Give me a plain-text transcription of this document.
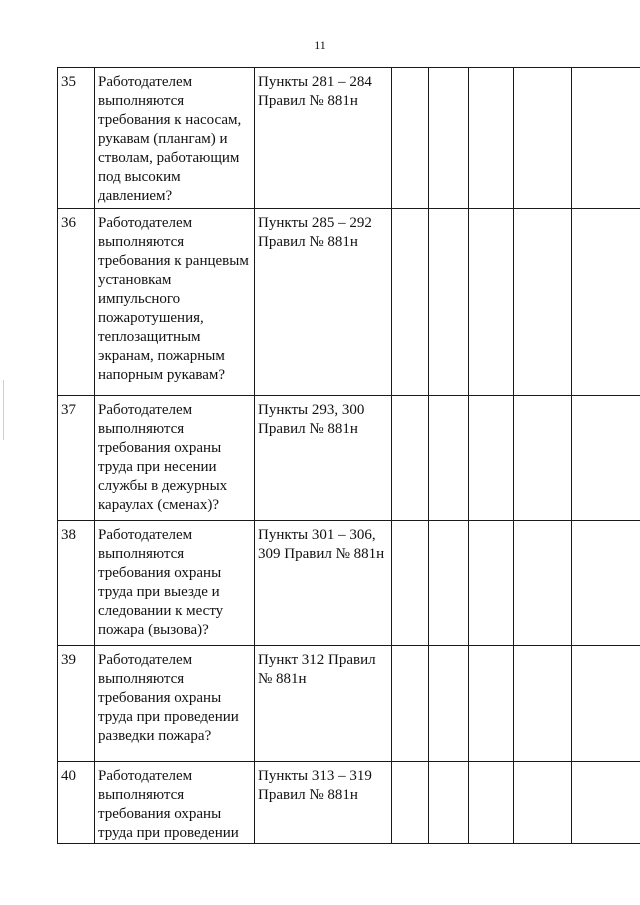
11
35	Работодателем выполняются требования к насосам, рукавам (плангам) и стволам, работающим под высоким давлением?	Пункты 281 – 284 Правил № 881н					
36	Работодателем выполняются требования к ранцевым установкам импульсного пожаротушения, теплозащитным экранам, пожарным напорным рукавам?	Пункты 285 – 292 Правил № 881н					
37	Работодателем выполняются требования охраны труда при несении службы в дежурных караулах (сменах)?	Пункты 293, 300 Правил № 881н					
38	Работодателем выполняются требования охраны труда при выезде и следовании к месту пожара (вызова)?	Пункты 301 – 306, 309 Правил № 881н					
39	Работодателем выполняются требования охраны труда при проведении разведки пожара?	Пункт 312 Правил № 881н					
40	Работодателем выполняются требования охраны труда при проведении	Пункты 313 – 319 Правил № 881н					
